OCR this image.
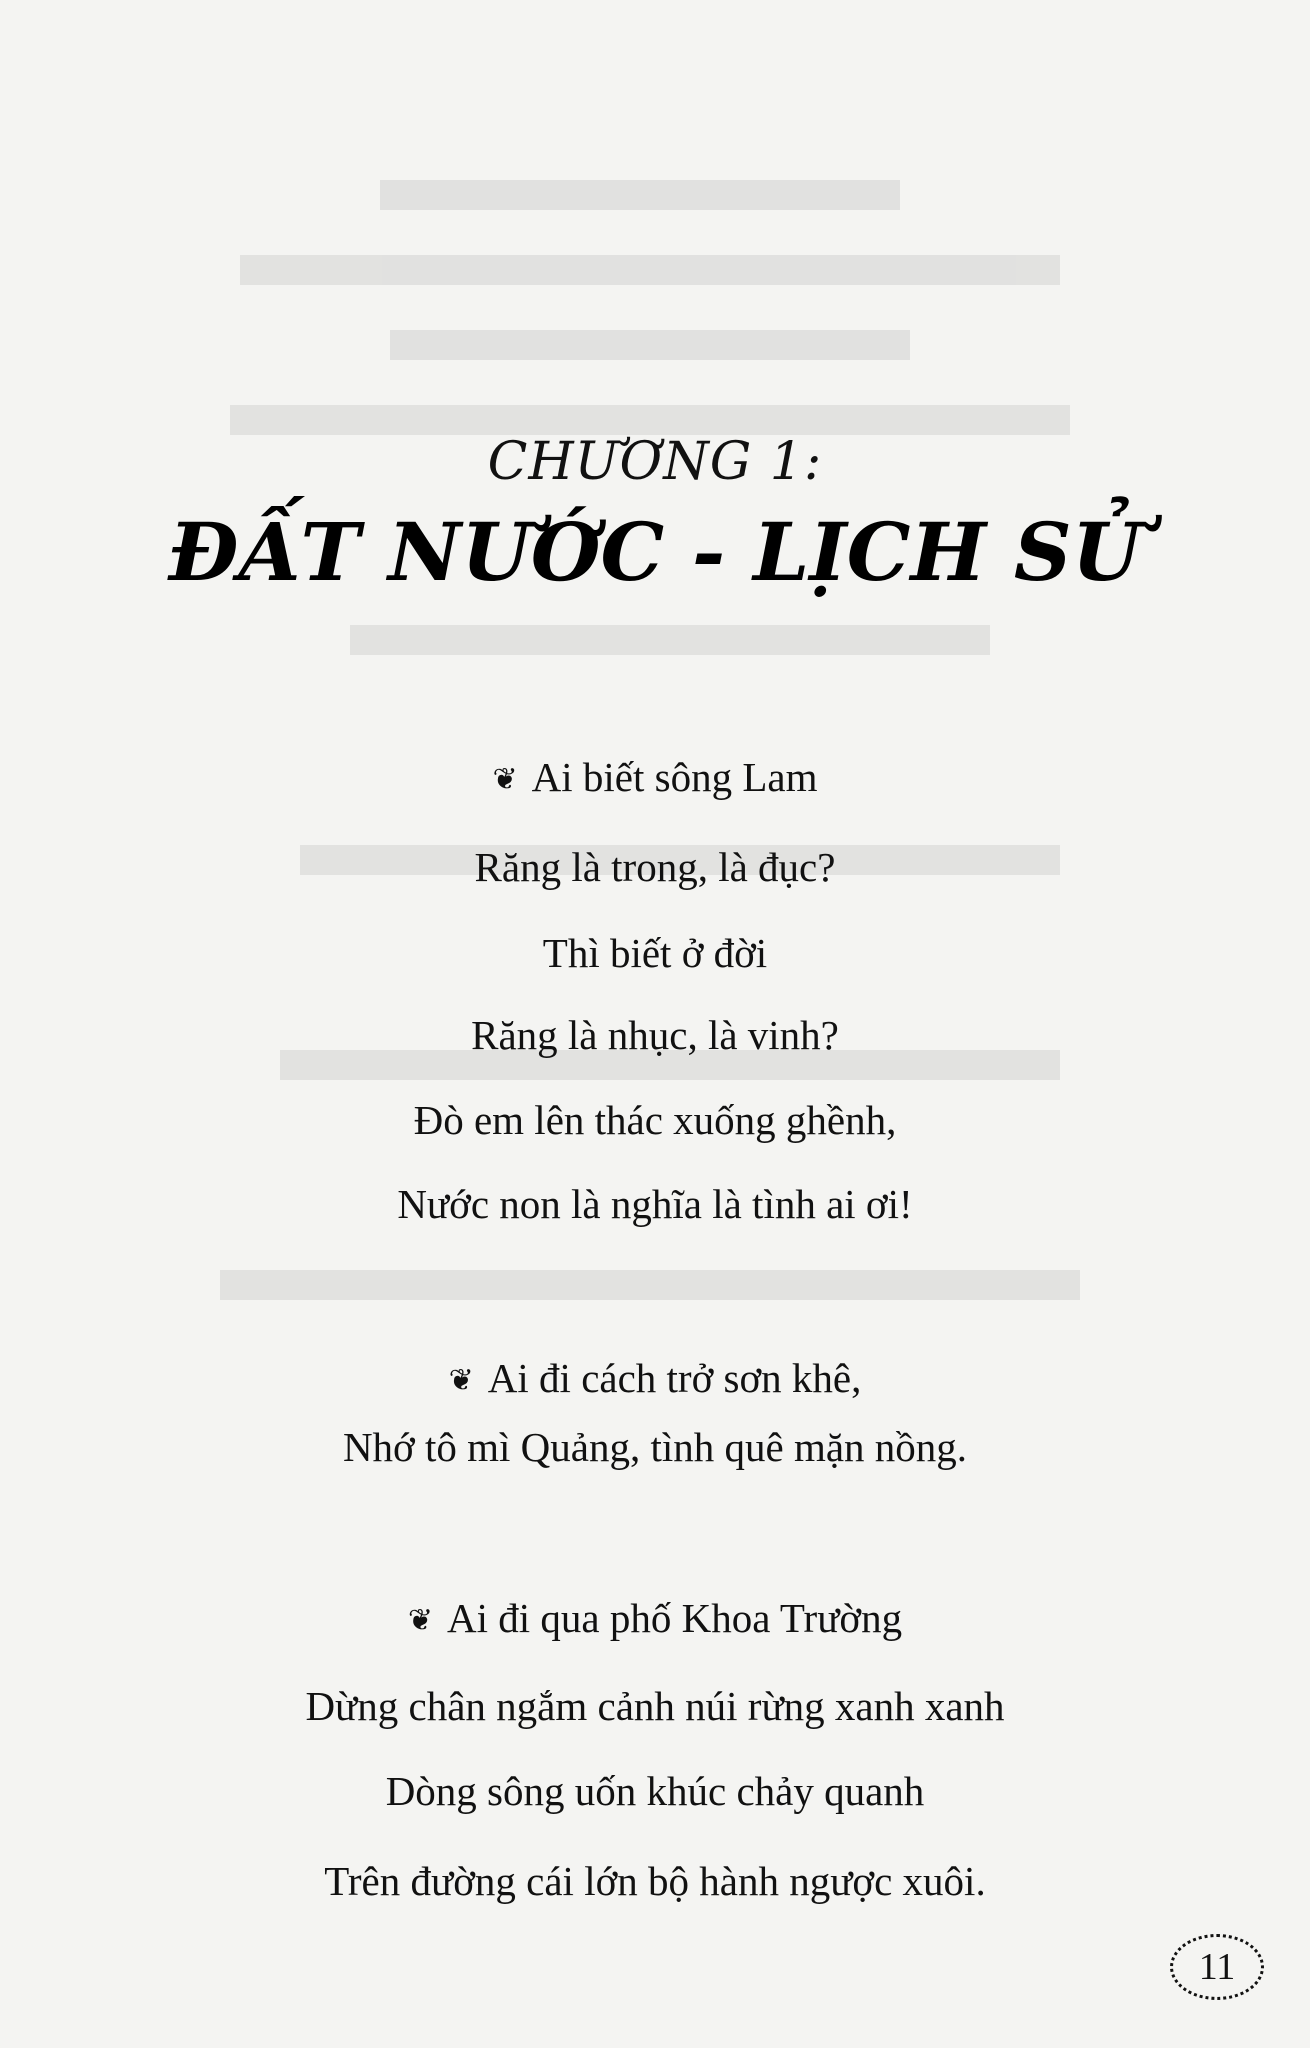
CHƯƠNG 1:
ĐẤT NƯỚC - LỊCH SỬ
❦ Ai biết sông Lam
Răng là trong, là đục?
Thì biết ở đời
Răng là nhục, là vinh?
Đò em lên thác xuống ghềnh,
Nước non là nghĩa là tình ai ơi!
❦ Ai đi cách trở sơn khê,
Nhớ tô mì Quảng, tình quê mặn nồng.
❦ Ai đi qua phố Khoa Trường
Dừng chân ngắm cảnh núi rừng xanh xanh
Dòng sông uốn khúc chảy quanh
Trên đường cái lớn bộ hành ngược xuôi.
11
